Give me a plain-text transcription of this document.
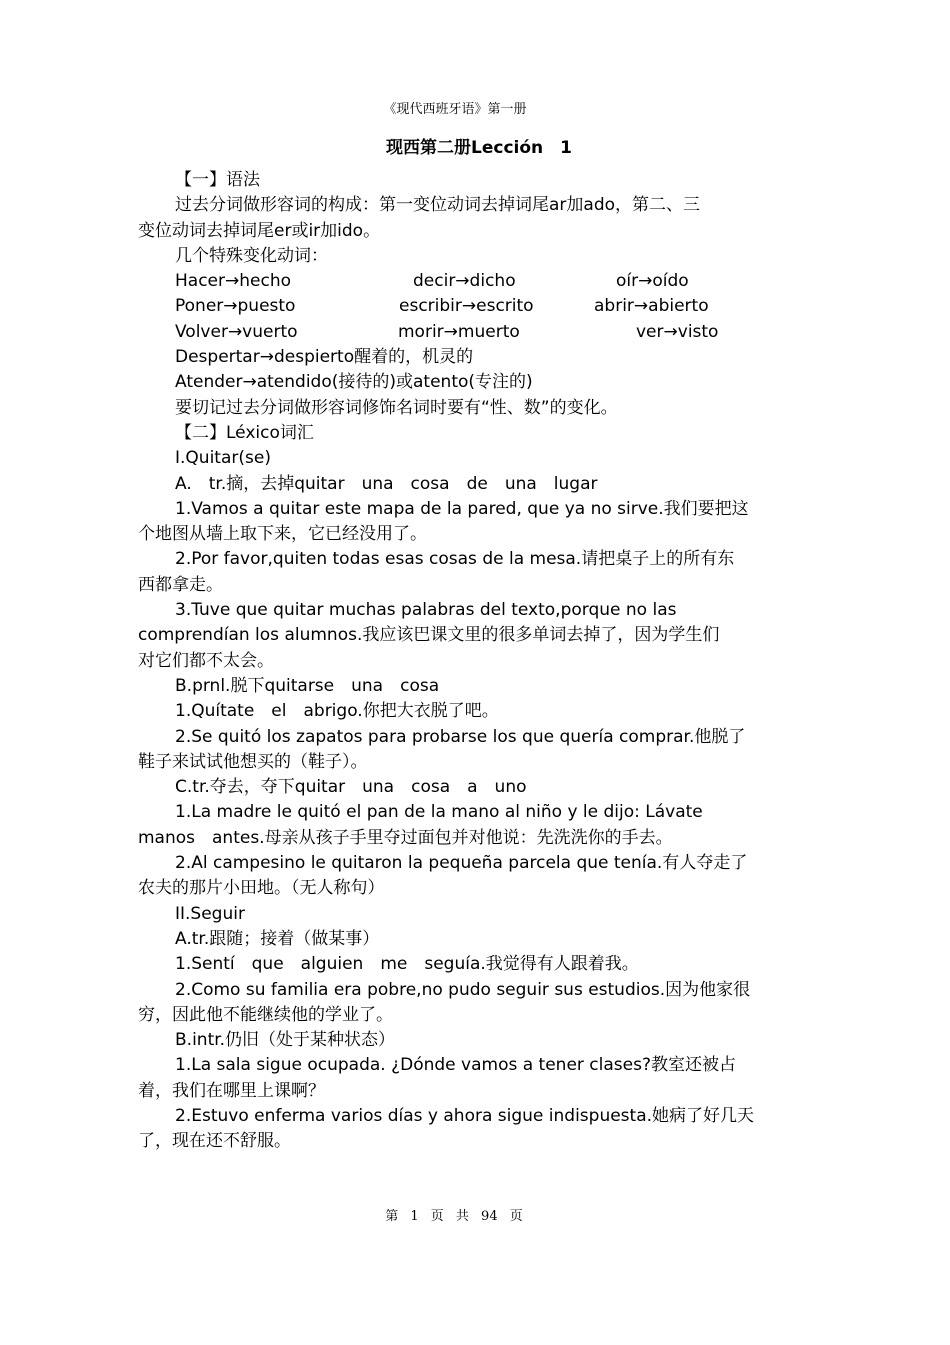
《现代西班牙语》第一册
现西第二册Lección　1

【一】语法

过去分词做形容词的构成：第一变位动词去掉词尾ar加ado，第二、三

变位动词去掉词尾er或ir加ido。

几个特殊变化动词：

Hacer→hecho	decir→dicho	oír→oído
Poner→puesto	escribir→escrito	abrir→abierto
Volver→vuerto	morir→muerto	ver→visto

Despertar→despierto醒着的，机灵的

Atender→atendido(接待的)或atento(专注的)

要切记过去分词做形容词修饰名词时要有“性、数”的变化。

【二】Léxico词汇

I.Quitar(se)

A.　tr.摘，去掉quitar　una　cosa　de　una　lugar

1.Vamos a quitar este mapa de la pared, que ya no sirve.我们要把这

个地图从墙上取下来，它已经没用了。

2.Por favor,quiten todas esas cosas de la mesa.请把桌子上的所有东

西都拿走。

3.Tuve que quitar muchas palabras del texto,porque no las

comprendían los alumnos.我应该巴课文里的很多单词去掉了，因为学生们

对它们都不太会。

B.prnl.脱下quitarse　una　cosa

1.Quítate　el　abrigo.你把大衣脱了吧。

2.Se quitó los zapatos para probarse los que quería comprar.他脱了

鞋子来试试他想买的（鞋子）。

C.tr.夺去，夺下quitar　una　cosa　a　uno

1.La madre le quitó el pan de la mano al niño y le dijo: Lávate

manos　antes.母亲从孩子手里夺过面包并对他说：先洗洗你的手去。

2.Al campesino le quitaron la pequeña parcela que tenía.有人夺走了

农夫的那片小田地。（无人称句）

II.Seguir

A.tr.跟随；接着（做某事）

1.Sentí　que　alguien　me　seguía.我觉得有人跟着我。

2.Como su familia era pobre,no pudo seguir sus estudios.因为他家很

穷，因此他不能继续他的学业了。

B.intr.仍旧（处于某种状态）

1.La sala sigue ocupada. ¿Dónde vamos a tener clases?教室还被占

着，我们在哪里上课啊？

2.Estuvo enferma varios días y ahora sigue indispuesta.她病了好几天

了，现在还不舒服。

第 1 页 共 94 页
